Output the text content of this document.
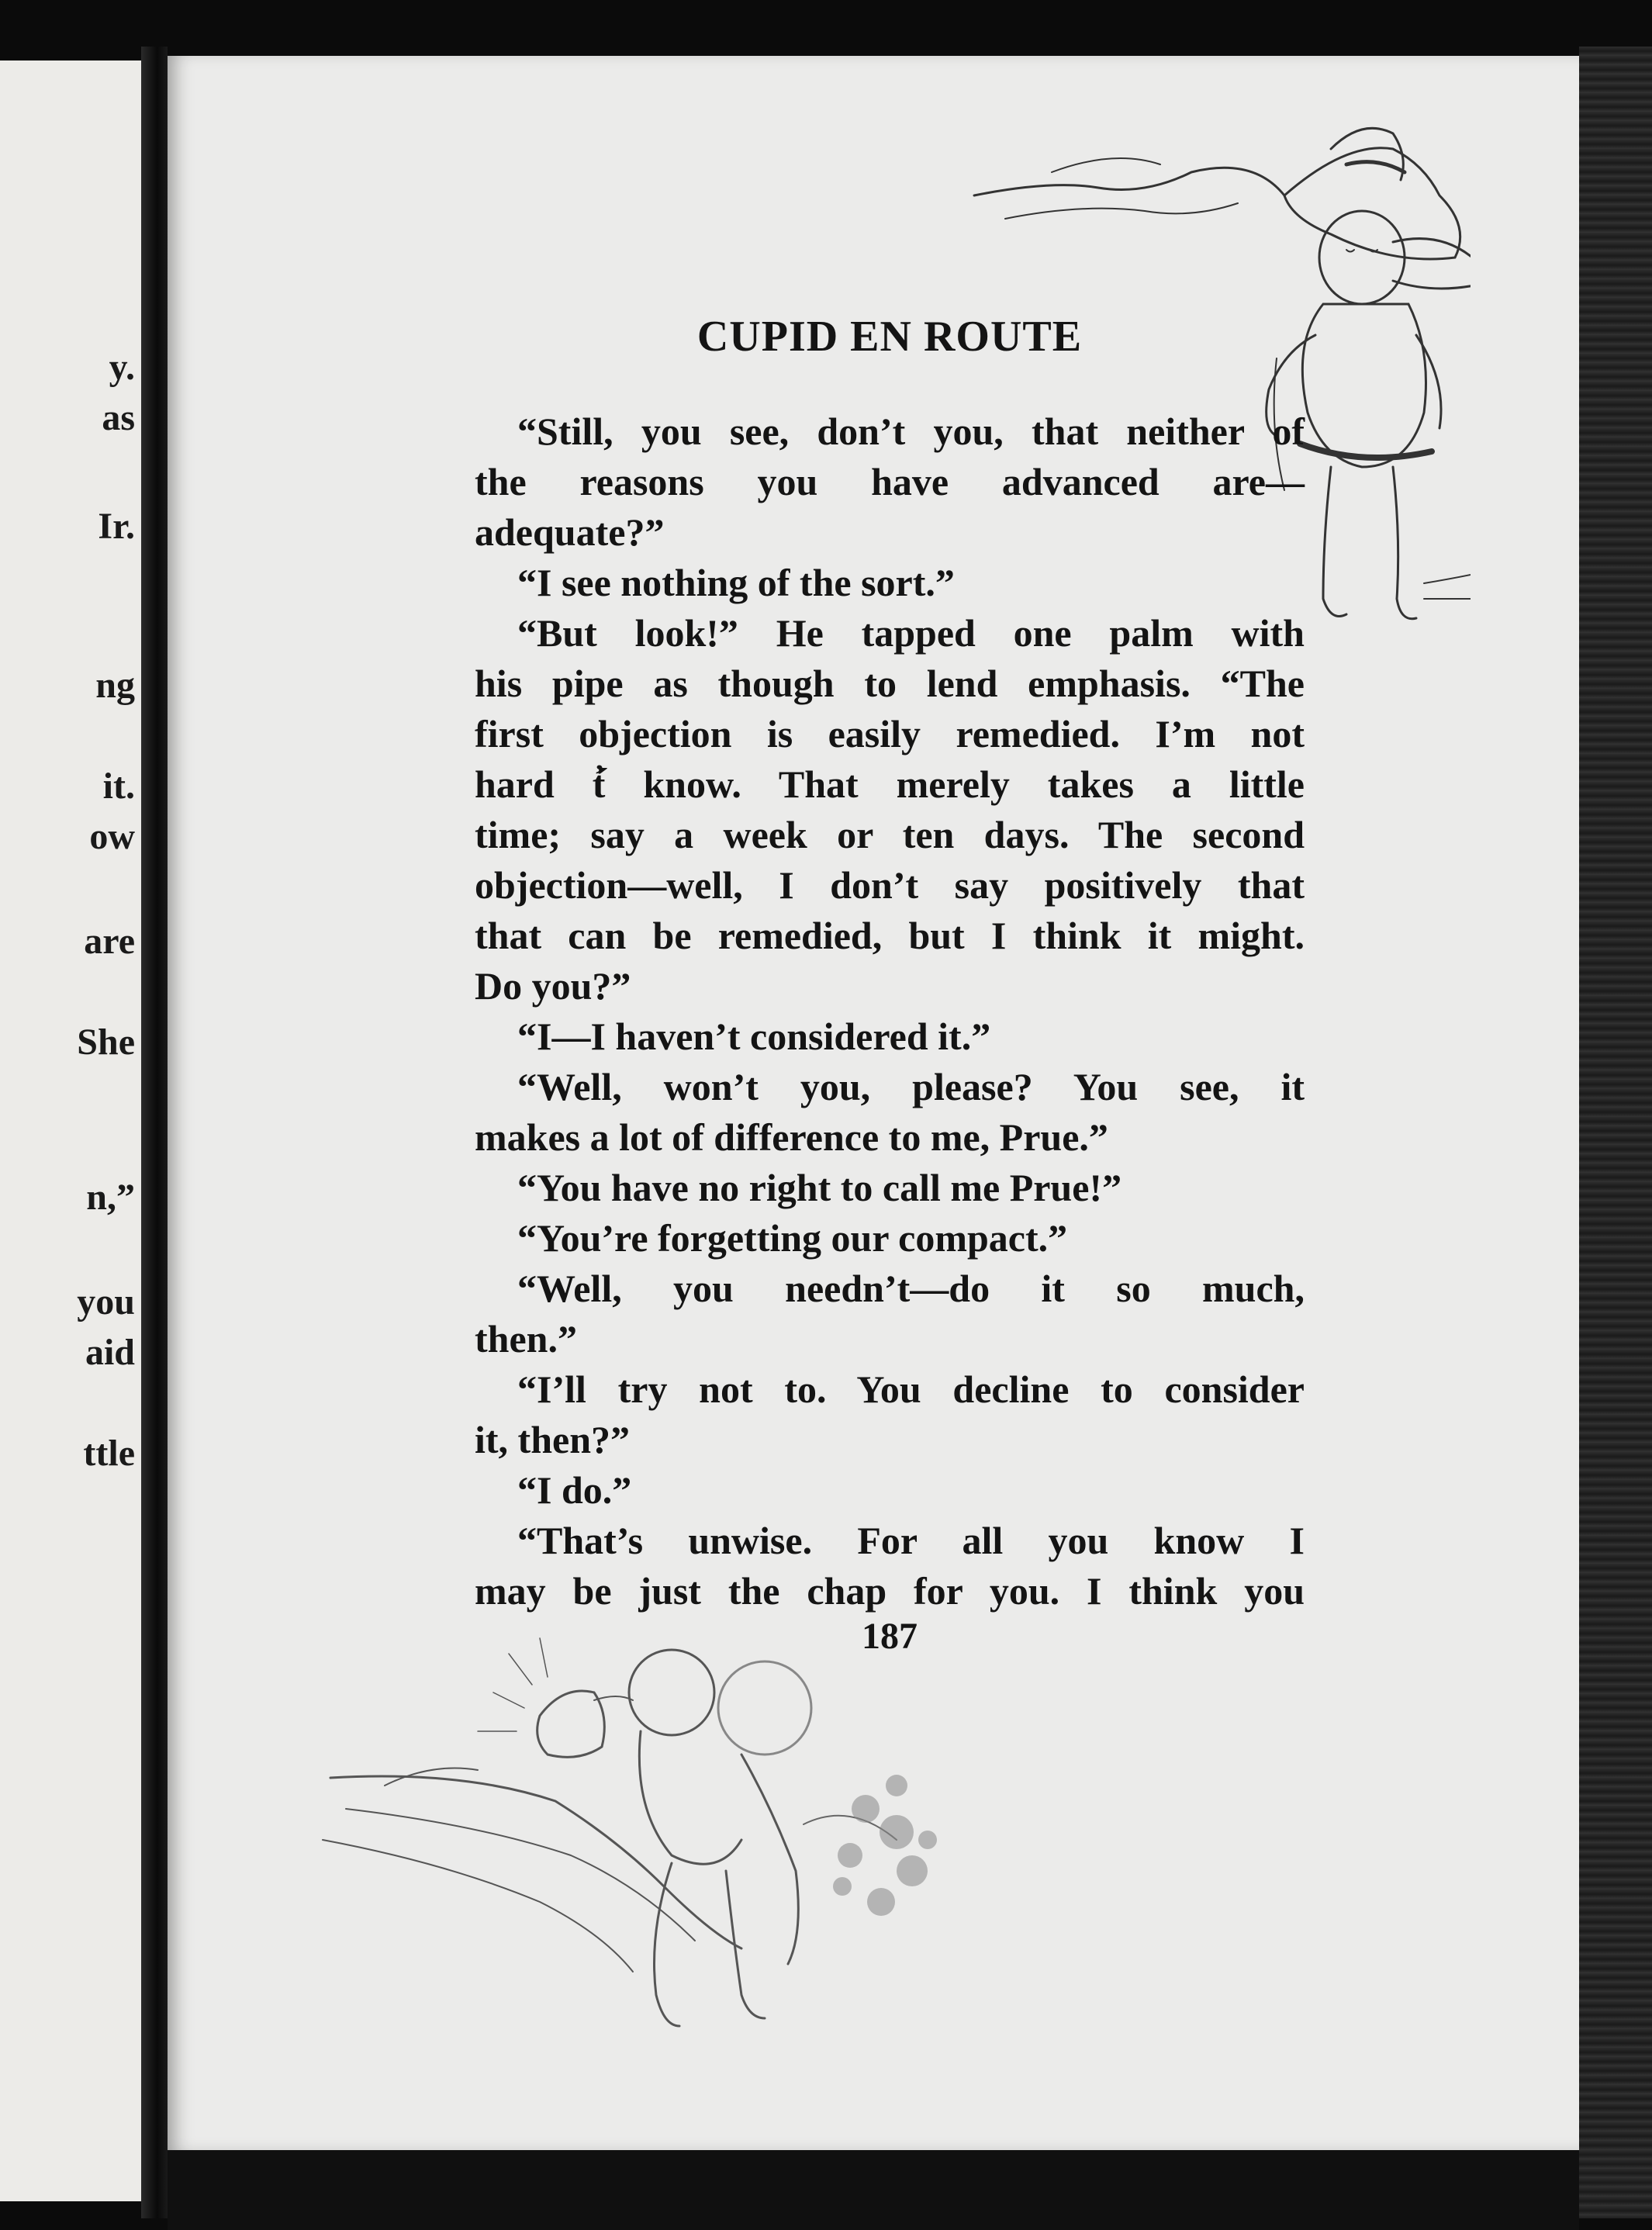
y.
as
Ir.
ng
it.
ow
are
She
n,”
you
aid
ttle
CUPID EN ROUTE
“Still, you see, don’t you, that neither of
the reasons you have advanced are—
adequate?”
“I see nothing of the sort.”
“But look!” He tapped one palm with
his pipe as though to lend emphasis. “The
first objection is easily remedied. I’m not
hard t́̓ know. That merely takes a little
time; say a week or ten days. The second
objection—well, I don’t say positively that
that can be remedied, but I think it might.
Do you?”
“I—I haven’t considered it.”
“Well, won’t you, please? You see, it
makes a lot of difference to me, Prue.”
“You have no right to call me Prue!”
“You’re forgetting our compact.”
“Well, you needn’t—do it so much,
then.”
“I’ll try not to. You decline to consider
it, then?”
“I do.”
“That’s unwise. For all you know I
may be just the chap for you. I think you
187
